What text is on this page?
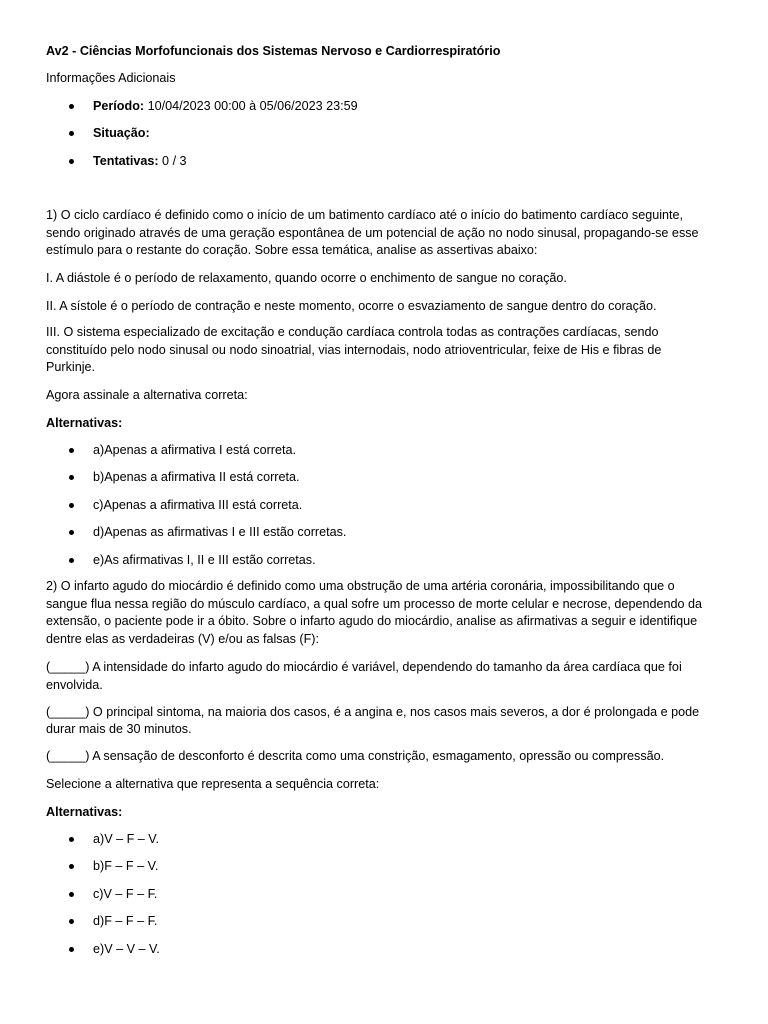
Av2 - Ciências Morfofuncionais dos Sistemas Nervoso e Cardiorrespiratório

Informações Adicionais

Período: 10/04/2023 00:00 à 05/06/2023 23:59

Situação:

Tentativas: 0 / 3

1) O ciclo cardíaco é definido como o início de um batimento cardíaco até o início do batimento cardíaco seguinte,

sendo originado através de uma geração espontânea de um potencial de ação no nodo sinusal, propagando-se esse

estímulo para o restante do coração. Sobre essa temática, analise as assertivas abaixo:

I. A diástole é o período de relaxamento, quando ocorre o enchimento de sangue no coração.

II. A sístole é o período de contração e neste momento, ocorre o esvaziamento de sangue dentro do coração.

III. O sistema especializado de excitação e condução cardíaca controla todas as contrações cardíacas, sendo

constituído pelo nodo sinusal ou nodo sinoatrial, vias internodais, nodo atrioventricular, feixe de His e fibras de

Purkinje.

Agora assinale a alternativa correta:

Alternativas:

a)Apenas a afirmativa I está correta.

b)Apenas a afirmativa II está correta.

c)Apenas a afirmativa III está correta.

d)Apenas as afirmativas I e III estão corretas.

e)As afirmativas I, II e III estão corretas.

2) O infarto agudo do miocárdio é definido como uma obstrução de uma artéria coronária, impossibilitando que o

sangue flua nessa região do músculo cardíaco, a qual sofre um processo de morte celular e necrose, dependendo da

extensão, o paciente pode ir a óbito. Sobre o infarto agudo do miocárdio, analise as afirmativas a seguir e identifique

dentre elas as verdadeiras (V) e/ou as falsas (F):

(_____) A intensidade do infarto agudo do miocárdio é variável, dependendo do tamanho da área cardíaca que foi

envolvida.

(_____) O principal sintoma, na maioria dos casos, é a angina e, nos casos mais severos, a dor é prolongada e pode

durar mais de 30 minutos.

(_____) A sensação de desconforto é descrita como uma constrição, esmagamento, opressão ou compressão.

Selecione a alternativa que representa a sequência correta:

Alternativas:

a)V – F – V.

b)F – F – V.

c)V – F – F.

d)F – F – F.

e)V – V – V.
